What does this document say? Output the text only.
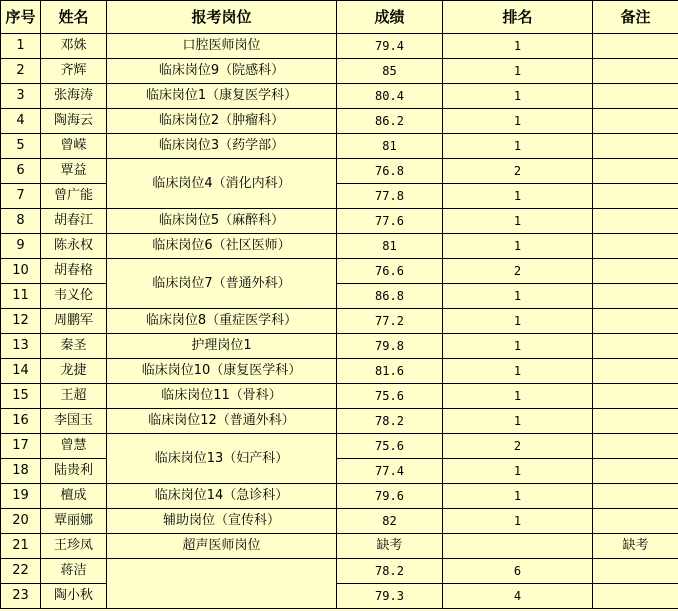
序号	姓名	报考岗位	成绩	排名	备注
1	邓姝	口腔医师岗位	79.4	1	
2	齐辉	临床岗位9（院感科）	85	1	
3	张海涛	临床岗位1（康复医学科）	80.4	1	
4	陶海云	临床岗位2（肿瘤科）	86.2	1	
5	曾嵘	临床岗位3（药学部）	81	1	
6	覃益	临床岗位4（消化内科）	76.8	2	
7	曾广能		77.8	1	
8	胡春江	临床岗位5（麻醉科）	77.6	1	
9	陈永权	临床岗位6（社区医师）	81	1	
10	胡春格	临床岗位7（普通外科）	76.6	2	
11	韦义伦		86.8	1	
12	周鹏军	临床岗位8（重症医学科）	77.2	1	
13	秦圣	护理岗位1	79.8	1	
14	龙捷	临床岗位10（康复医学科）	81.6	1	
15	王超	临床岗位11（骨科）	75.6	1	
16	李国玉	临床岗位12（普通外科）	78.2	1	
17	曾慧	临床岗位13（妇产科）	75.6	2	
18	陆贵利		77.4	1	
19	檀成	临床岗位14（急诊科）	79.6	1	
20	覃丽娜	辅助岗位（宣传科）	82	1	
21	王珍凤	超声医师岗位	缺考		缺考
22	蒋洁		78.2	6	
23	陶小秋		79.3	4	
